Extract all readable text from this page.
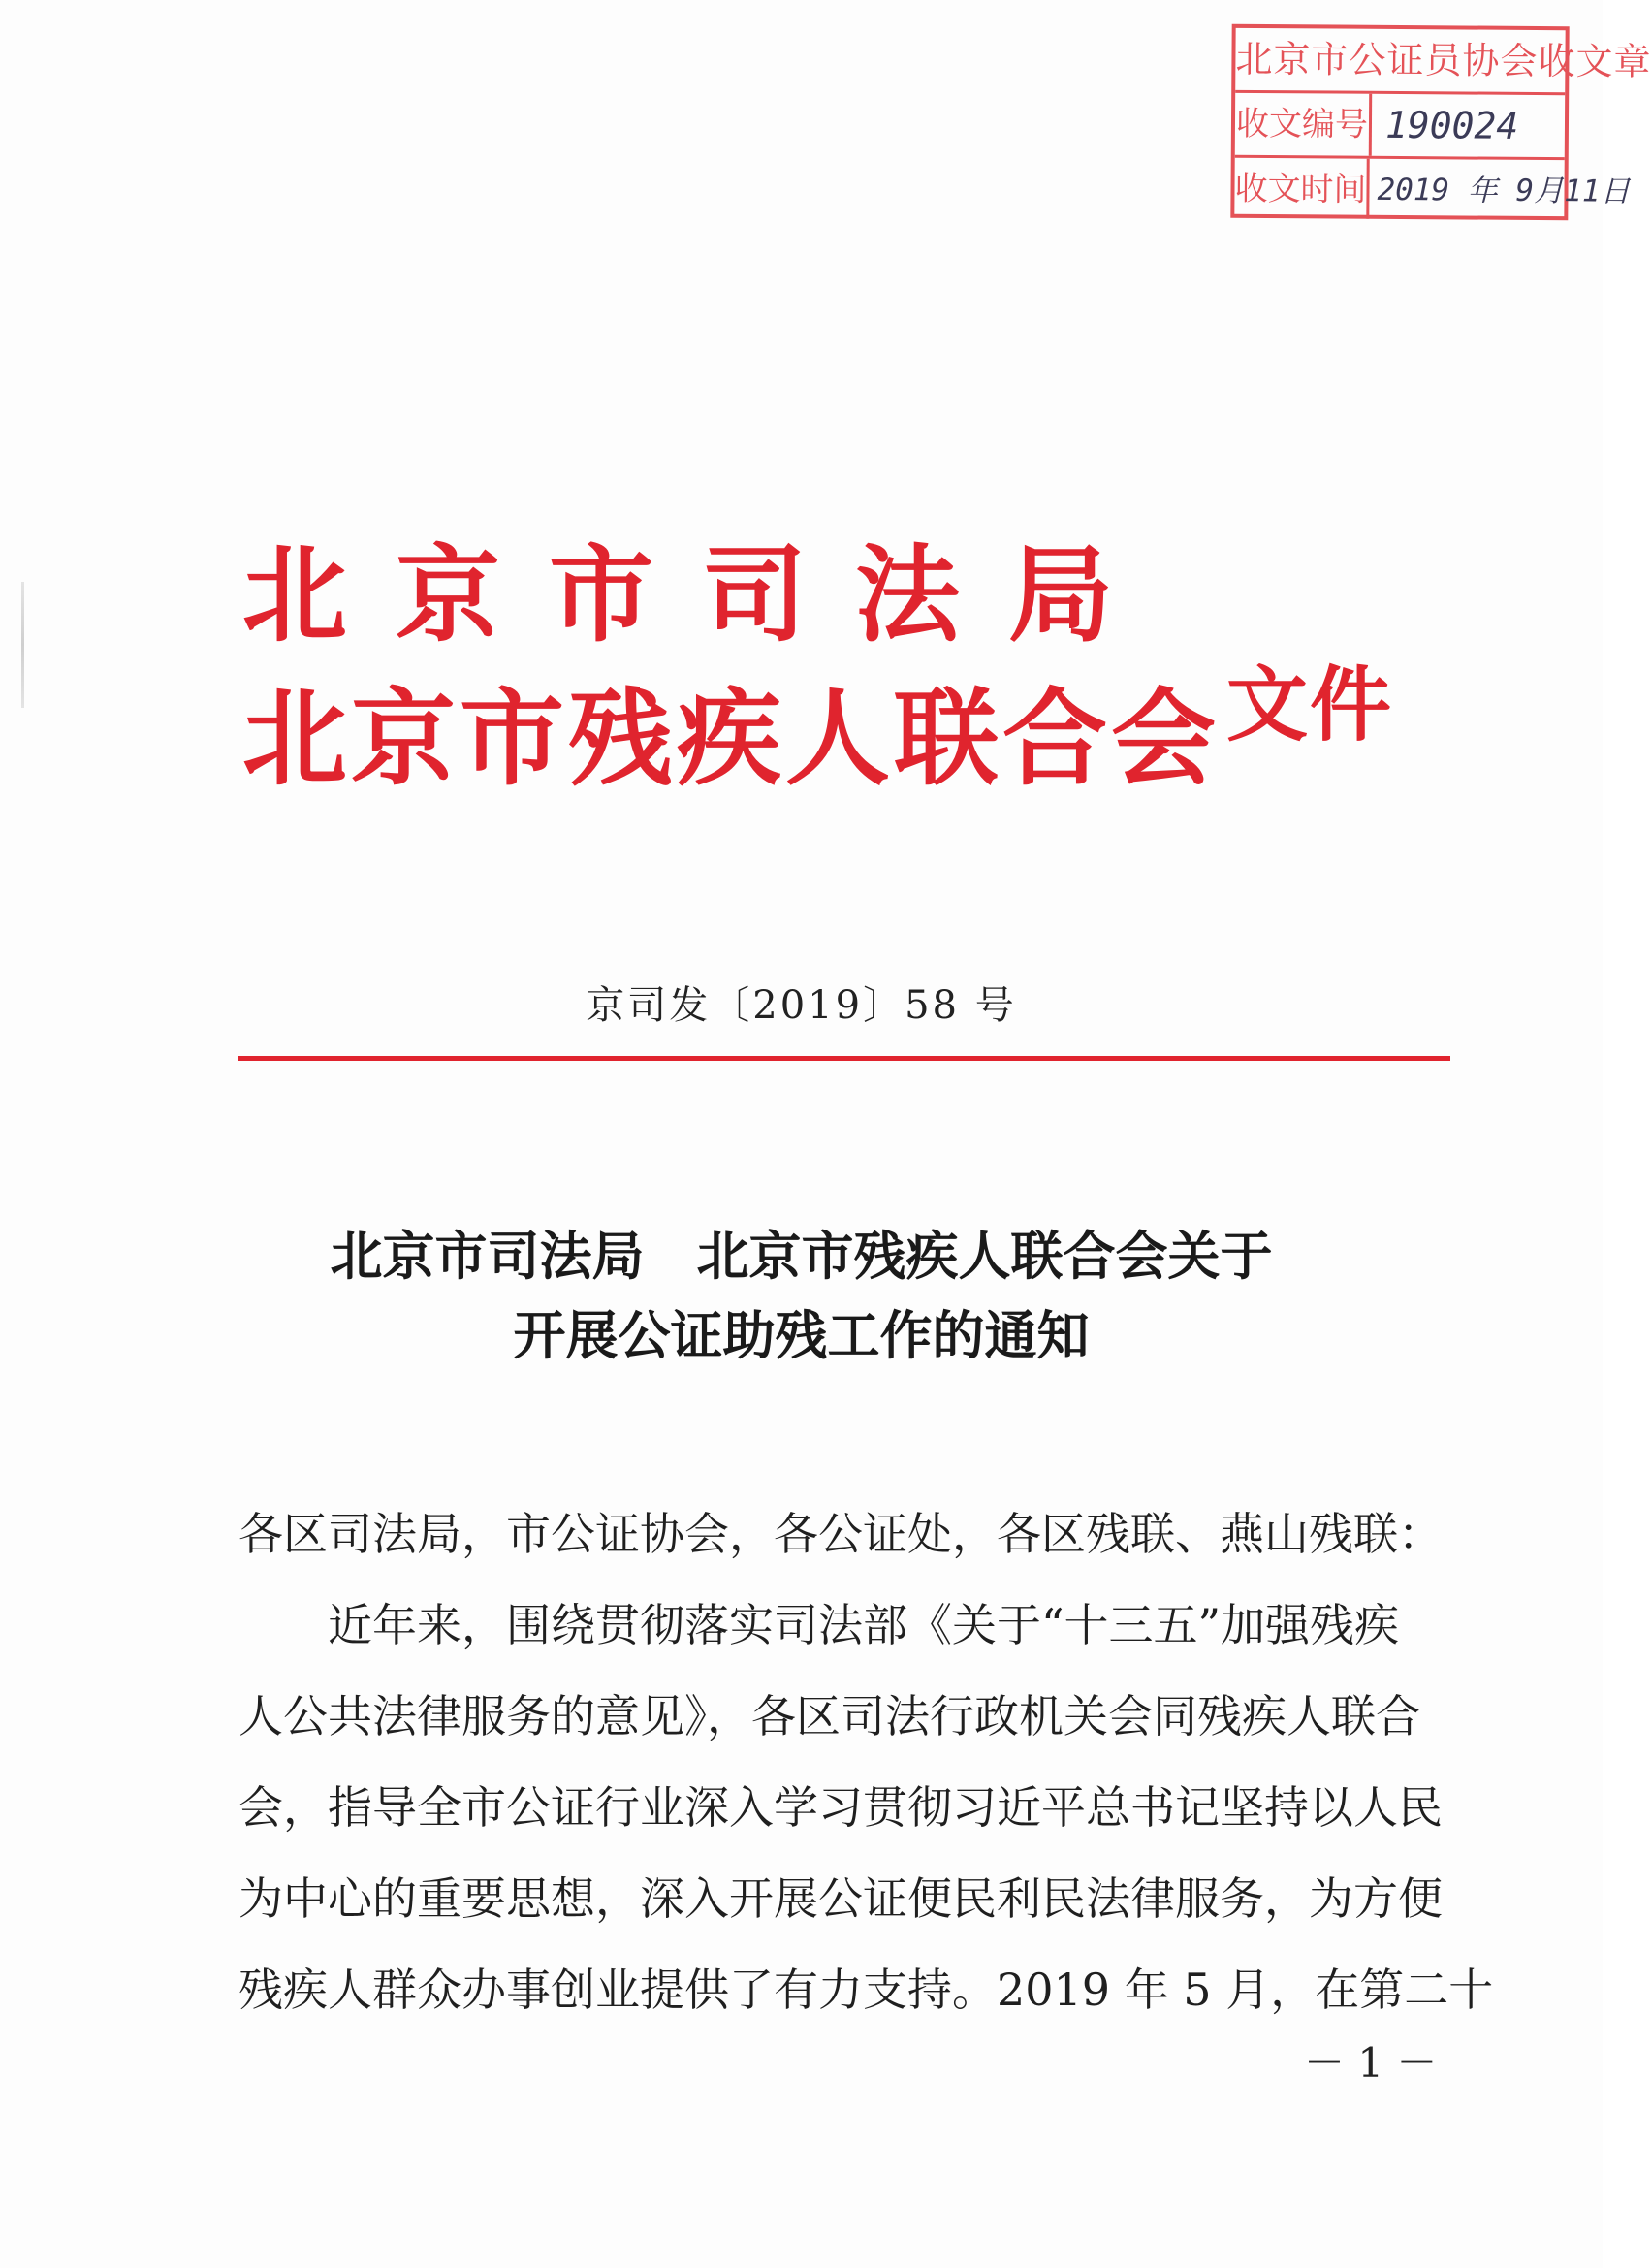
北京市公证员协会收文章
收文编号 190024
收文时间 2019 年 9月11日
北京市司法局
北京市残疾人联合会 文件
京司发〔2019〕58 号
北京市司法局　北京市残疾人联合会关于
开展公证助残工作的通知
各区司法局，市公证协会，各公证处，各区残联、燕山残联：
近年来，围绕贯彻落实司法部《关于“十三五”加强残疾
人公共法律服务的意见》，各区司法行政机关会同残疾人联合
会，指导全市公证行业深入学习贯彻习近平总书记坚持以人民
为中心的重要思想，深入开展公证便民利民法律服务，为方便
残疾人群众办事创业提供了有力支持。2019 年 5 月，在第二十
－ 1 －
